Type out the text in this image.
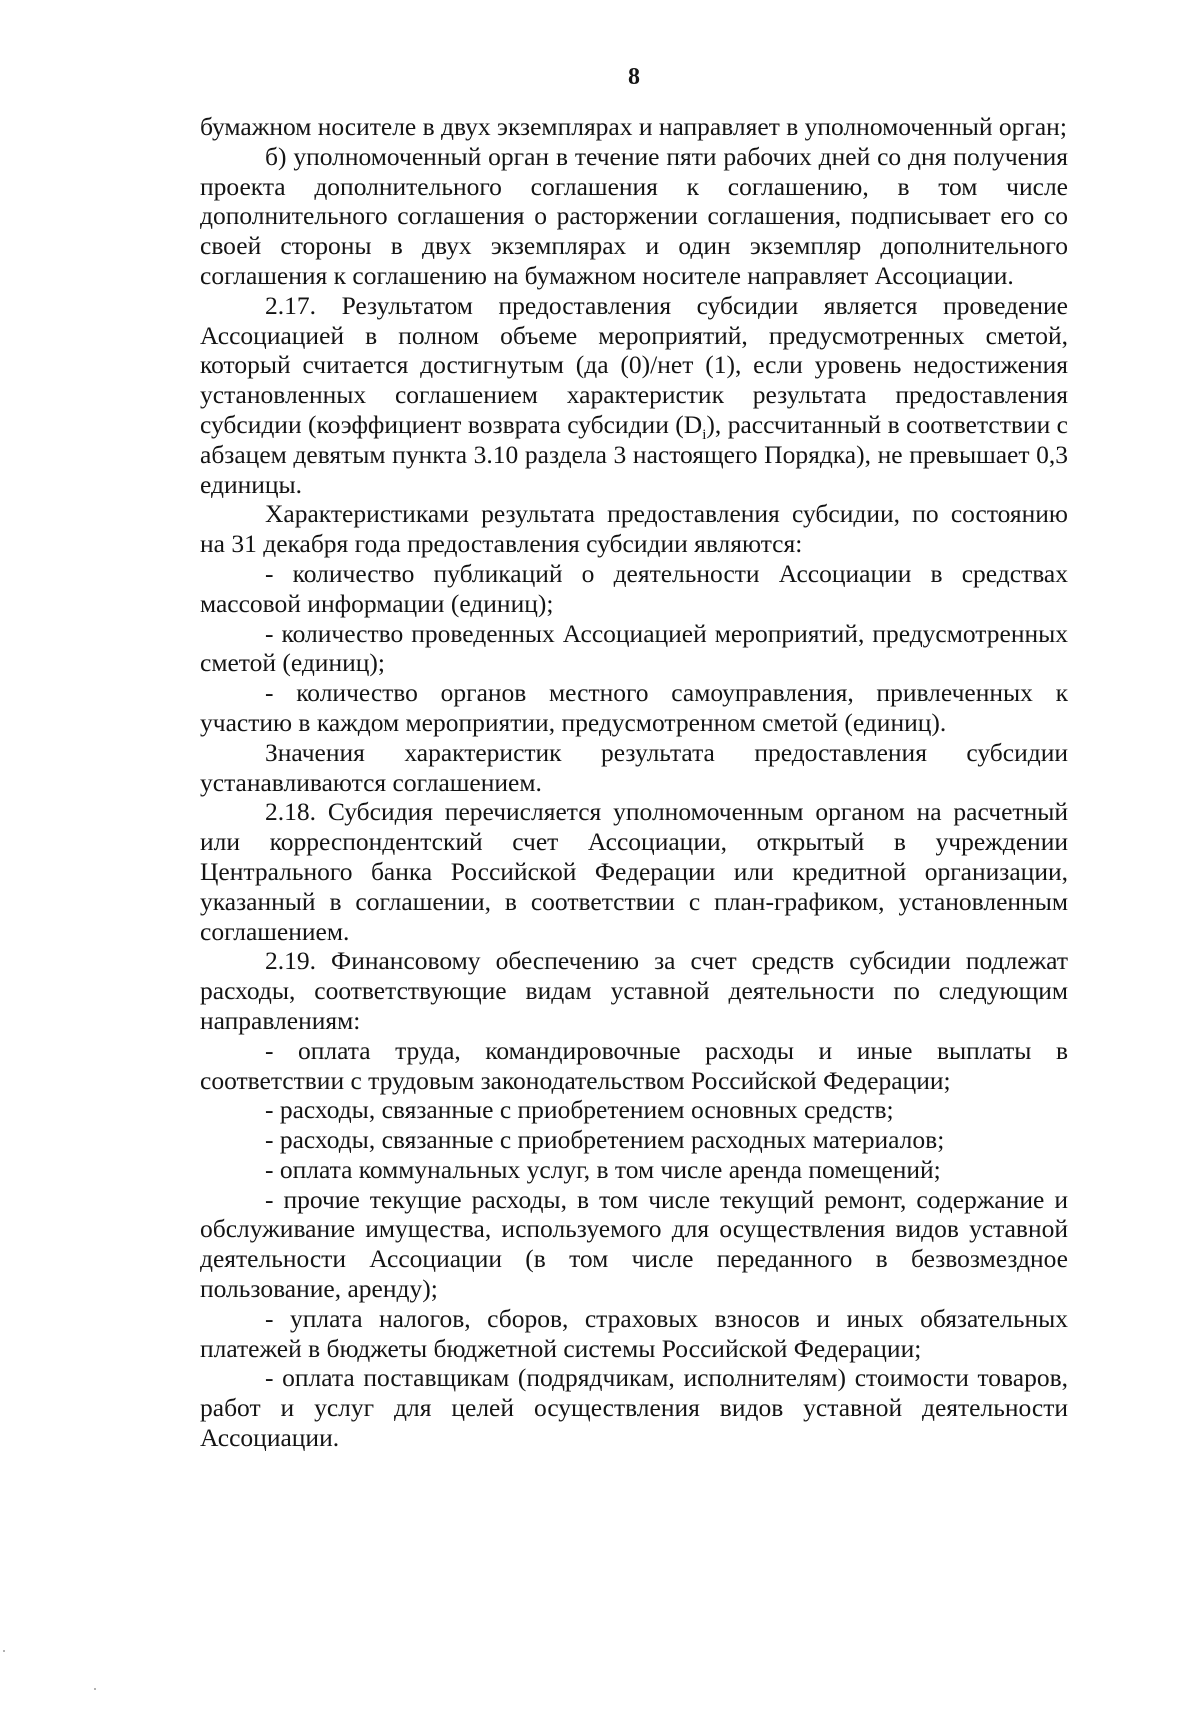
8

бумажном носителе в двух экземплярах и направляет в уполномоченный орган;

б) уполномоченный орган в течение пяти рабочих дней со дня получения проекта дополнительного соглашения к соглашению, в том числе дополнительного соглашения о расторжении соглашения, подписывает его со своей стороны в двух экземплярах и один экземпляр дополнительного соглашения к соглашению на бумажном носителе направляет Ассоциации.

2.17. Результатом предоставления субсидии является проведение Ассоциацией в полном объеме мероприятий, предусмотренных сметой, который считается достигнутым (да (0)/нет (1), если уровень недостижения установленных соглашением характеристик результата предоставления субсидии (коэффициент возврата субсидии $(D_i)$, рассчитанный в соответствии с абзацем девятым пункта 3.10 раздела 3 настоящего Порядка), не превышает 0,3 единицы.

Характеристиками результата предоставления субсидии, по состоянию на 31 декабря года предоставления субсидии являются:

- количество публикаций о деятельности Ассоциации в средствах массовой информации (единиц);

- количество проведенных Ассоциацией мероприятий, предусмотренных сметой (единиц);

- количество органов местного самоуправления, привлеченных к участию в каждом мероприятии, предусмотренном сметой (единиц).

Значения характеристик результата предоставления субсидии устанавливаются соглашением.

2.18. Субсидия перечисляется уполномоченным органом на расчетный или корреспондентский счет Ассоциации, открытый в учреждении Центрального банка Российской Федерации или кредитной организации, указанный в соглашении, в соответствии с план-графиком, установленным соглашением.

2.19. Финансовому обеспечению за счет средств субсидии подлежат расходы, соответствующие видам уставной деятельности по следующим направлениям:

- оплата труда, командировочные расходы и иные выплаты в соответствии с трудовым законодательством Российской Федерации;

- расходы, связанные с приобретением основных средств;

- расходы, связанные с приобретением расходных материалов;

- оплата коммунальных услуг, в том числе аренда помещений;

- прочие текущие расходы, в том числе текущий ремонт, содержание и обслуживание имущества, используемого для осуществления видов уставной деятельности Ассоциации (в том числе переданного в безвозмездное пользование, аренду);

- уплата налогов, сборов, страховых взносов и иных обязательных платежей в бюджеты бюджетной системы Российской Федерации;

- оплата поставщикам (подрядчикам, исполнителям) стоимости товаров, работ и услуг для целей осуществления видов уставной деятельности Ассоциации.
